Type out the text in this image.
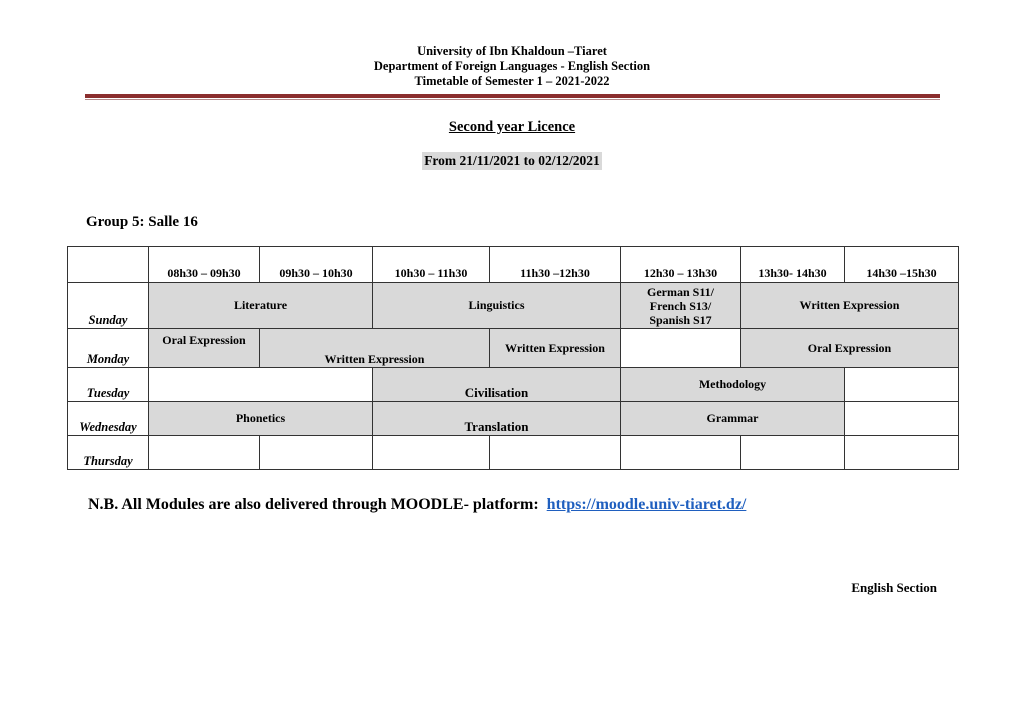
University of Ibn Khaldoun –Tiaret
Department of Foreign Languages - English Section
Timetable of Semester 1 – 2021-2022
Second year Licence
From 21/11/2021 to 02/12/2021
Group 5: Salle 16
	08h30 – 09h30	09h30 – 10h30	10h30 – 11h30	11h30 –12h30	12h30 – 13h30	13h30- 14h30	14h30 –15h30
Sunday	Literature		Linguistics		German S11/
French S13/
Spanish S17	Written Expression	
Monday	Oral Expression	Written Expression		Written Expression		Oral Expression	
Tuesday			Civilisation		Methodology		
Wednesday	Phonetics		Translation		Grammar		
Thursday							
N.B. All Modules are also delivered through MOODLE- platform: https://moodle.univ-tiaret.dz/
English Section
